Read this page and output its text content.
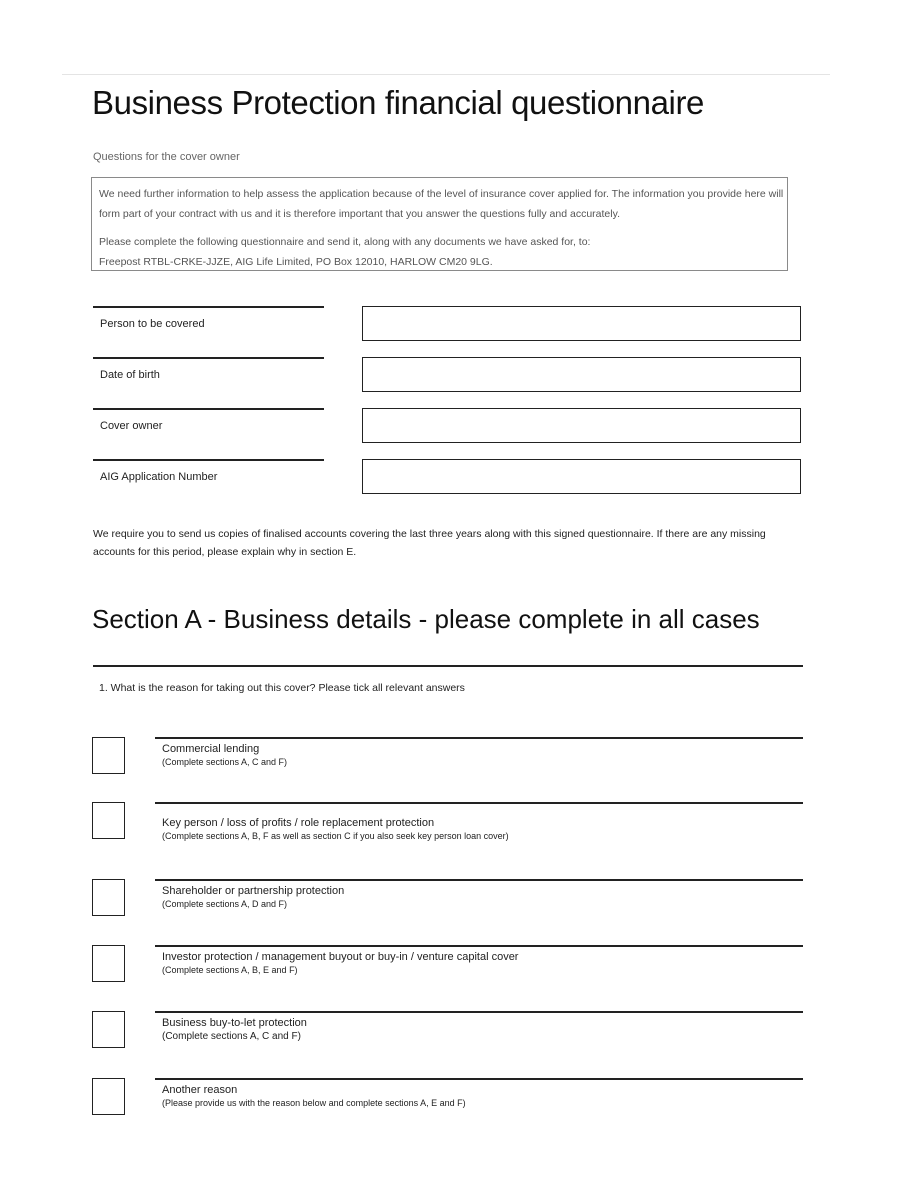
Business Protection financial questionnaire
Questions for the cover owner

We need further information to help assess the application because of the level of insurance cover applied for. The information you provide here will form part of your contract with us and it is therefore important that you answer the questions fully and accurately.

Please complete the following questionnaire and send it, along with any documents we have asked for, to:
Freepost RTBL-CRKE-JJZE, AIG Life Limited, PO Box 12010, HARLOW CM20 9LG.

Person to be covered
Date of birth
Cover owner
AIG Application Number
We require you to send us copies of finalised accounts covering the last three years along with this signed questionnaire. If there are any missing accounts for this period, please explain why in section E.
Section A - Business details - please complete in all cases
1. What is the reason for taking out this cover? Please tick all relevant answers
Commercial lending
(Complete sections A, C and F)
Key person / loss of profits / role replacement protection
(Complete sections A, B, F as well as section C if you also seek key person loan cover)
Shareholder or partnership protection
(Complete sections A, D and F)
Investor protection / management buyout or buy-in / venture capital cover
(Complete sections A, B, E and F)
Business buy-to-let protection
(Complete sections A, C and F)
Another reason
(Please provide us with the reason below and complete sections A, E and F)
